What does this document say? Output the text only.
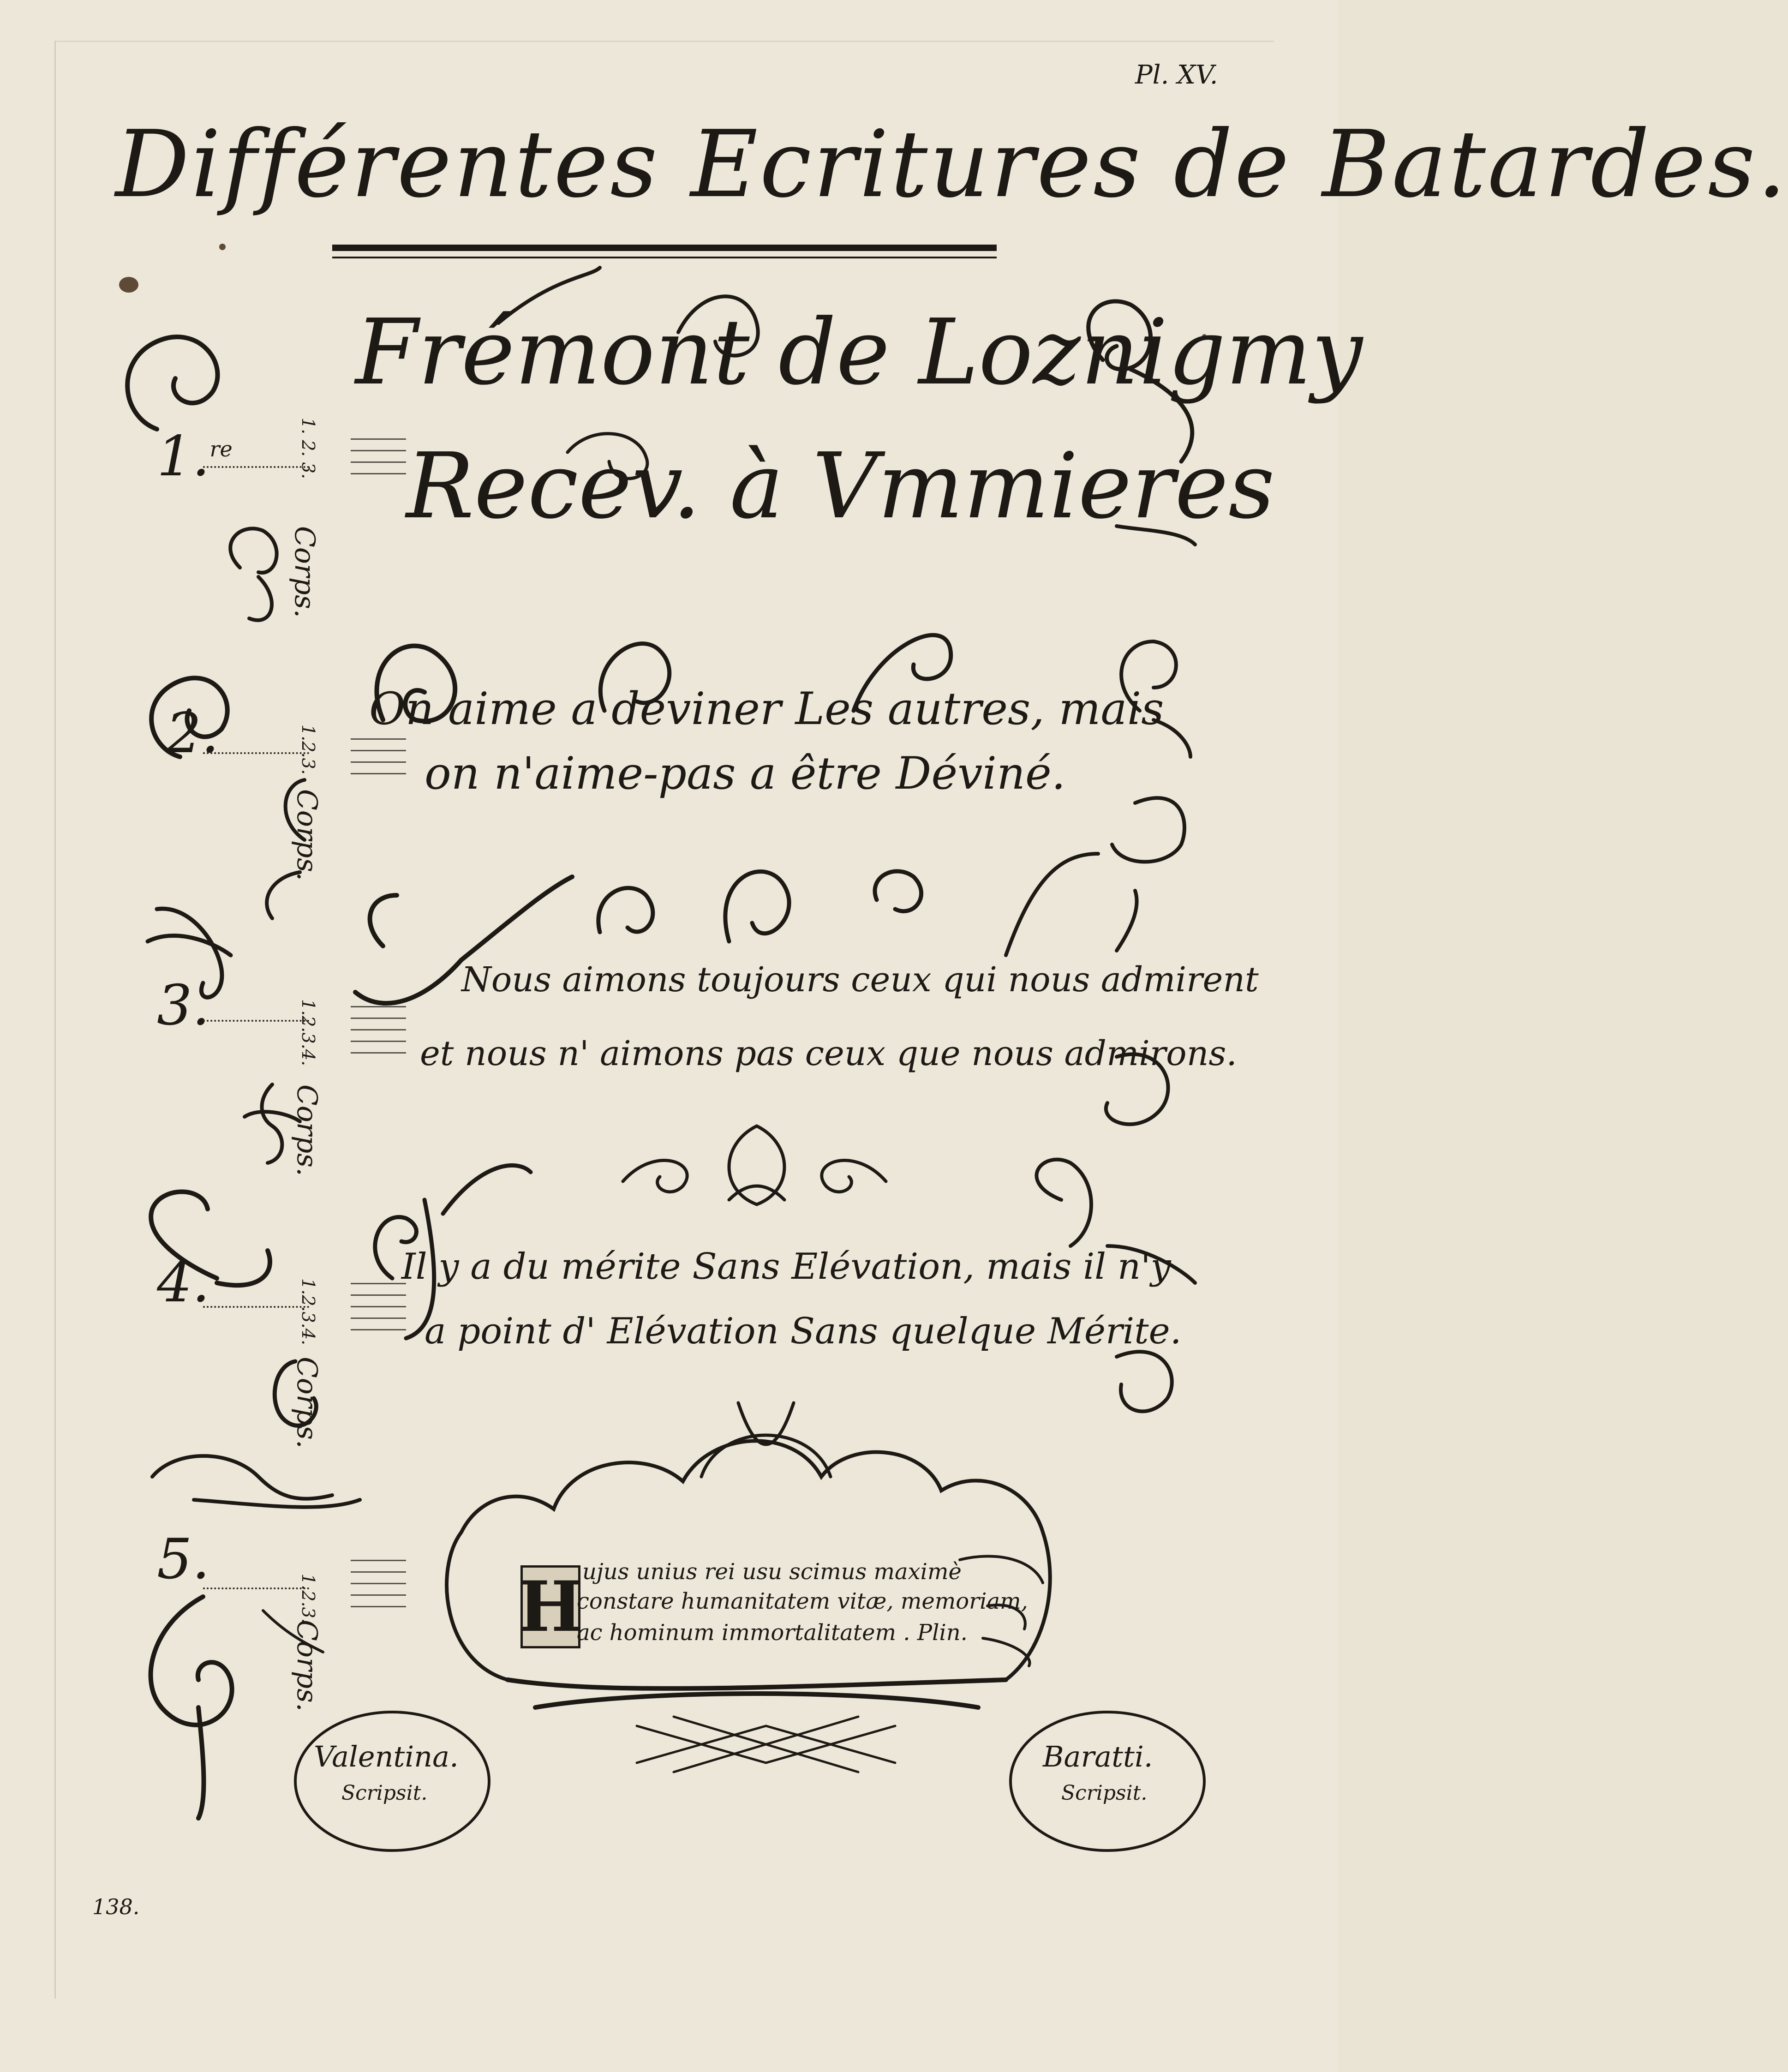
Pl. XV.
Différentes Ecritures de Batardes.
1.$^{re}$	1. 2. 3.
Corps.
Frémont de Loznigmy
Recev. à Vmmieres
2.	1.2.3.
Corps.
On aime a deviner Les autres, mais
on n'aime-pas a être Déviné.
3.	1.2.3.4.
Corps.
Nous aimons toujours ceux qui nous admirent
et nous n' aimons pas ceux que nous admirons.
4.	1.2.3.4.
Corps.
Il y a du mérite Sans Elévation, mais il n'y
a point d' Elévation Sans quelque Mérite.
5.
1.2.3.
Corps.
H
ujus unius rei usu scimus maximè
constare humanitatem vitæ, memoriam,
ac hominum immortalitatem . Plin.
Valentina.
Scripsit.
Baratti.
Scripsit.
138.
